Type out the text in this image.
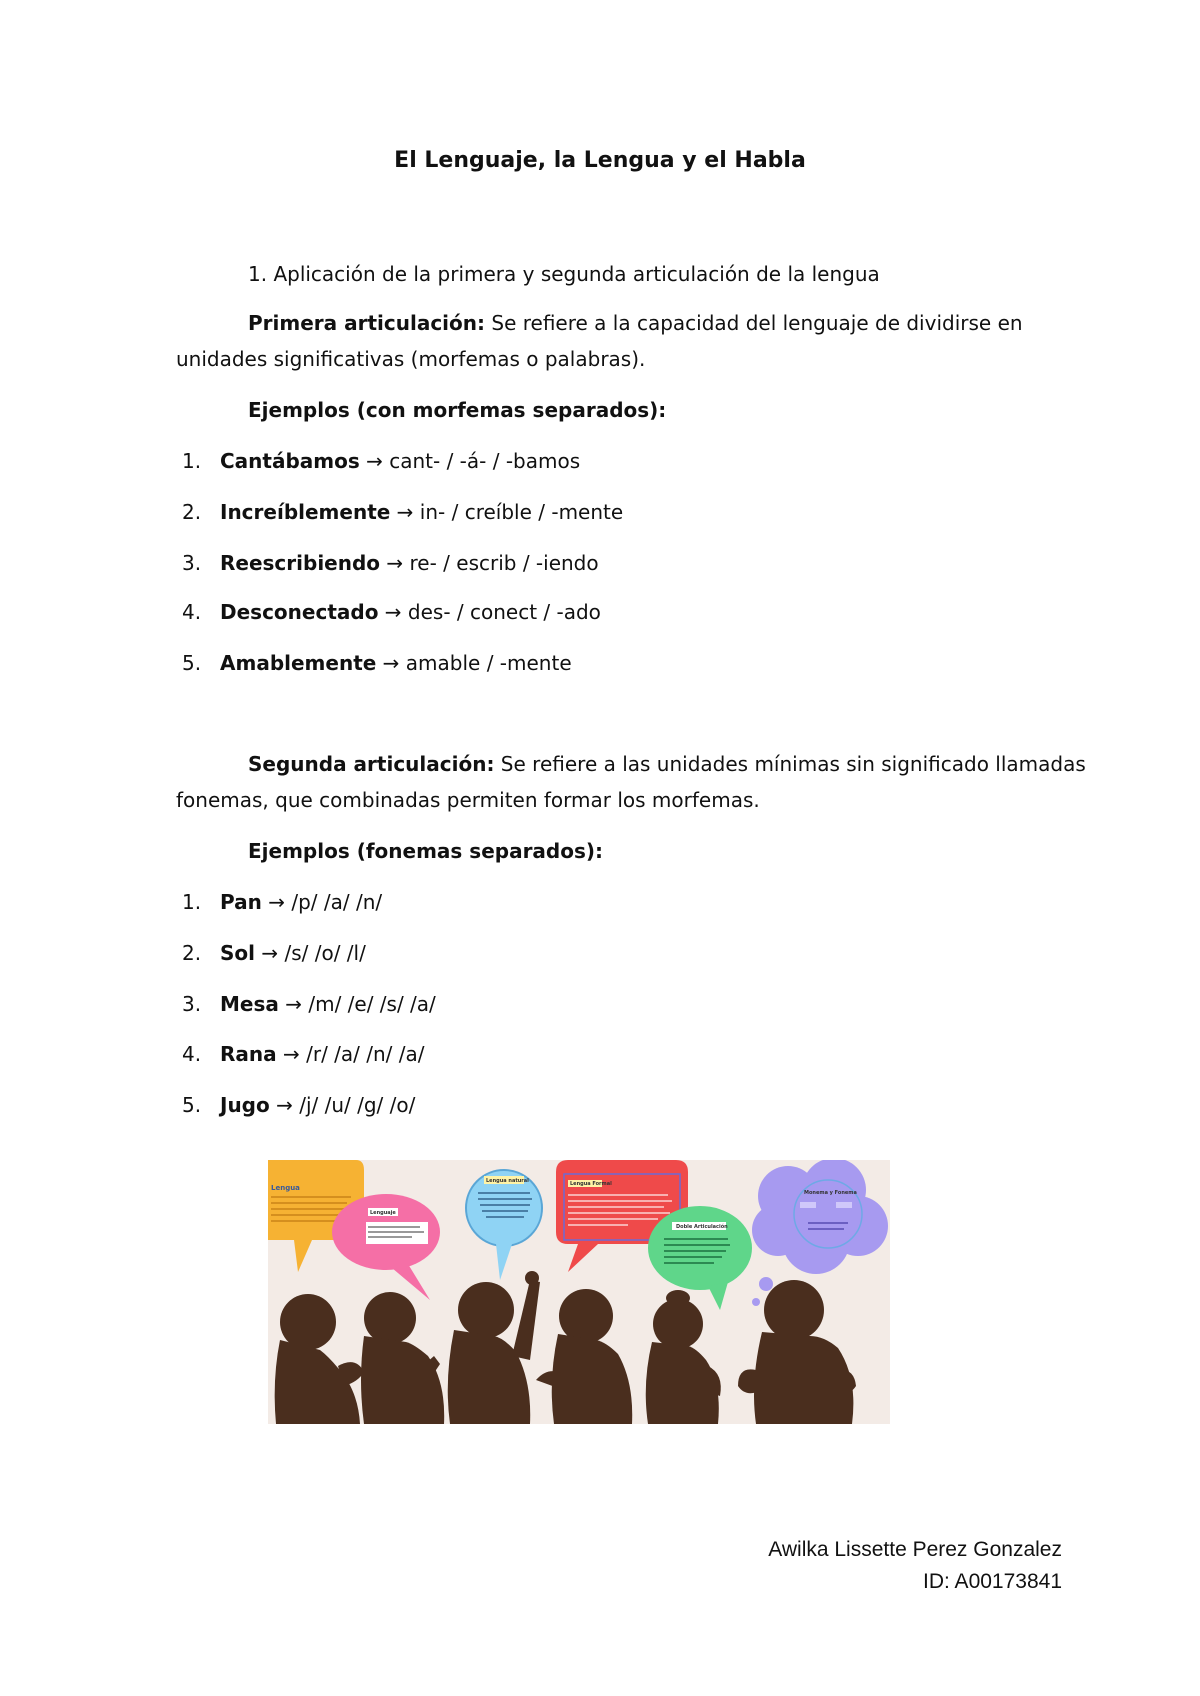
El Lenguaje, la Lengua y el Habla
1. Aplicación de la primera y segunda articulación de la lengua
Primera articulación: Se refiere a la capacidad del lenguaje de dividirse en
unidades significativas (morfemas o palabras).
Ejemplos (con morfemas separados):
1. Cantábamos → cant- / -á- / -bamos
2. Increíblemente → in- / creíble / -mente
3. Reescribiendo → re- / escrib / -iendo
4. Desconectado → des- / conect / -ado
5. Amablemente → amable / -mente
Segunda articulación: Se refiere a las unidades mínimas sin significado llamadas
fonemas, que combinadas permiten formar los morfemas.
Ejemplos (fonemas separados):
1. Pan → /p/ /a/ /n/
2. Sol → /s/ /o/ /l/
3. Mesa → /m/ /e/ /s/ /a/
4. Rana → /r/ /a/ /n/ /a/
5. Jugo → /j/ /u/ /g/ /o/
Lengua
Lenguaje
Lengua natural	Lengua Formal
Doble Articulación
Monema y Fonema
Awilka Lissette Perez Gonzalez
ID: A00173841
